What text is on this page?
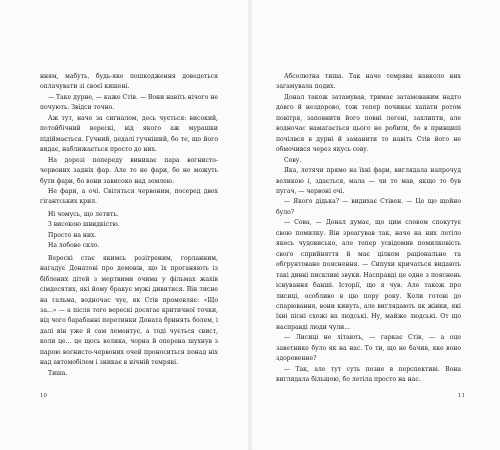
нням, мабуть, будь-яке пошкодження доведеться оплачувати зі своєї кишені.

— Таке дурне, — каже Стів. — Вони навіть нічого не почують. Звідси точно.

Аж тут, наче за сигналом, десь чується: високий, потойбічний верескі, від якого аж мурашки підіймається. Гучний, дедалі гучніший, бо те, що його видає, наближається просто до них.

На дорозі попереду виникає пара вогнисто-червоних задніх фар. Але то не фари, бо не можуть бути фари, бо вони зависоко над землею.

Не фари, а очі. Світяться червоним, посеред двох гігантських крил.

Ні чомусь, що летить.

З високою швидкістю.

Просто на них.

На лобове скло.

Верескі стає якимсь розітреним, горланним, нагадує Донатові про демонів, що їх проганяють із біблених дітей з мертвими очима у фільмах жахів сімдесятих, які йому бракує мужі дивитися. Він тисне на гальма, водночас чує, як Стів промовляє: «Що за...» — а після того верескі досягає критичної точки, від чого барабанні перетинки Доната бринять болем, і далі він уже й сам лементує, а тоді чується свист, коли це... це щось велика, чорна й оперена шухнув з парою вогнисто-червоних очей проноситься понад ніх над автомобілем і зникає в нічній темряві.

Тиша.

10

Абсолютна тиша. Так наче темрява навколо них загамувала подих.

Донал також затамував, тримає затамованим надто довго й нездорово, тож тепер починає хапати ротом повітря, заповнити його повні легені, захлипти, але водночас намагається цього не робити, бо в принципі почілвся в дурні й заманити то навіть Стів його не обмочився через якусь сову.

Сову.

Яка, летячи прямо на їхні фари, виглядала напрочуд великою і, здається, мала — чи то мав, якщо то був пугач, — червоні очі.

— Якого дідька? — видихає Стівен. — Це що щойно було?

— Сова, — Донал думає, що цим словом спокутує свою помилку. Він зреагував так, наче на них летіло якесь чудовисько, але тепер усвідомив помилковість свого сприйняття й має цілком раціональне та обгрунтоване пояснення. — Сипухи кричаться видають такі дивні пискливі звуки. Насправді це одне з пояснень існування банші. Історії, що я чув. Але також про лисиці, особливо в цю пору року. Коли готові до спарювання, вони кинуть, але виглядають як жінки, які їхні пісні схожі на людські. Ну, майже людські. От що насправді люди чули...

— Лисиці не літають, — гаркає Стів, — а оце заветнике було як на нас. То ти, що не бачив, яке воно здоровенне?

— Так, але тут суть позне в перспективі. Вона виглядала більшою, бо летіла просто на нас.

11
